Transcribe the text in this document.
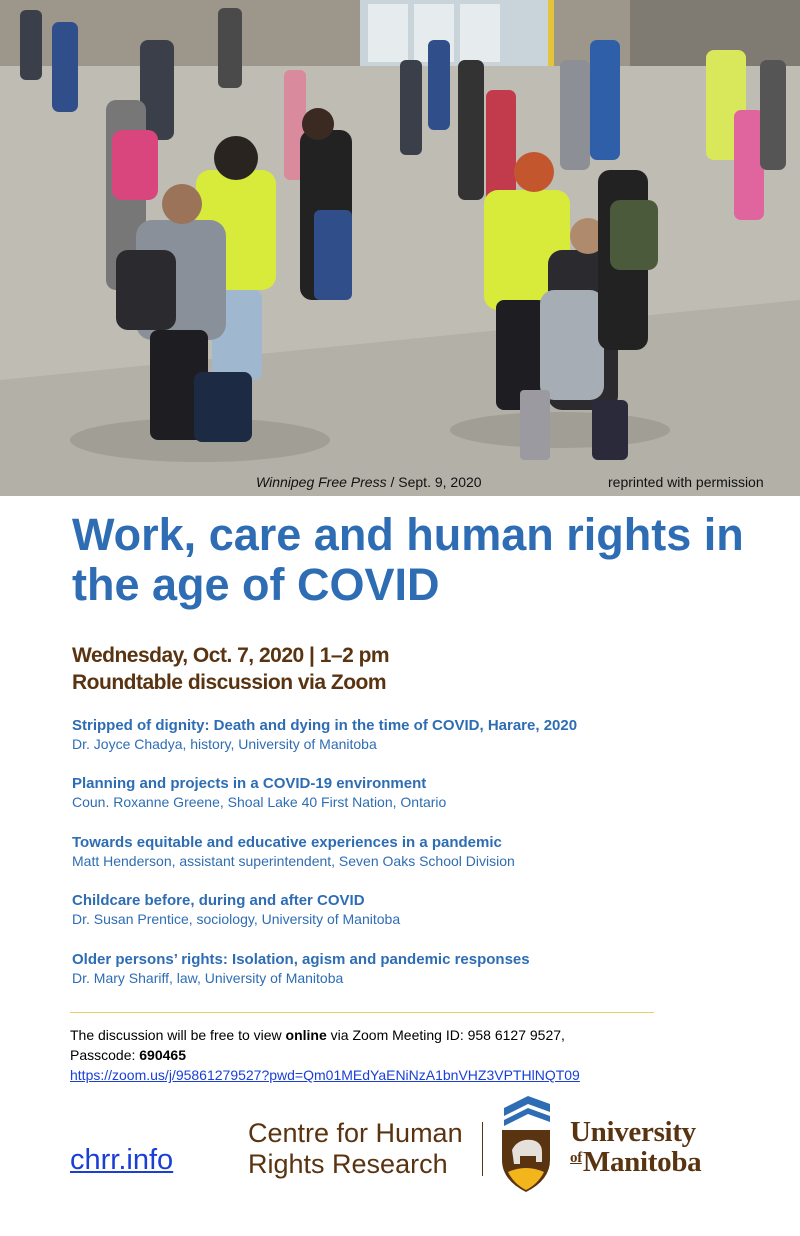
Winnipeg Free Press / Sept. 9, 2020	reprinted with permission
Work, care and human rights in the age of COVID

Wednesday, Oct. 7, 2020 | 1–2 pm

Roundtable discussion via Zoom

Stripped of dignity: Death and dying in the time of COVID, Harare, 2020
Dr. Joyce Chadya, history, University of Manitoba
Planning and projects in a COVID-19 environment
Coun. Roxanne Greene, Shoal Lake 40 First Nation, Ontario
Towards equitable and educative experiences in a pandemic
Matt Henderson, assistant superintendent, Seven Oaks School Division
Childcare before, during and after COVID
Dr. Susan Prentice, sociology, University of Manitoba
Older persons’ rights: Isolation, agism and pandemic responses
Dr. Mary Shariff, law, University of Manitoba
The discussion will be free to view online via Zoom Meeting ID: 958 6127 9527,
Passcode: 690465
https://zoom.us/j/95861279527?pwd=Qm01MEdYaENiNzA1bnVHZ3VPTHlNQT09
chrr.info
Centre for Human
Rights Research
University
$^{of}$Manitoba
